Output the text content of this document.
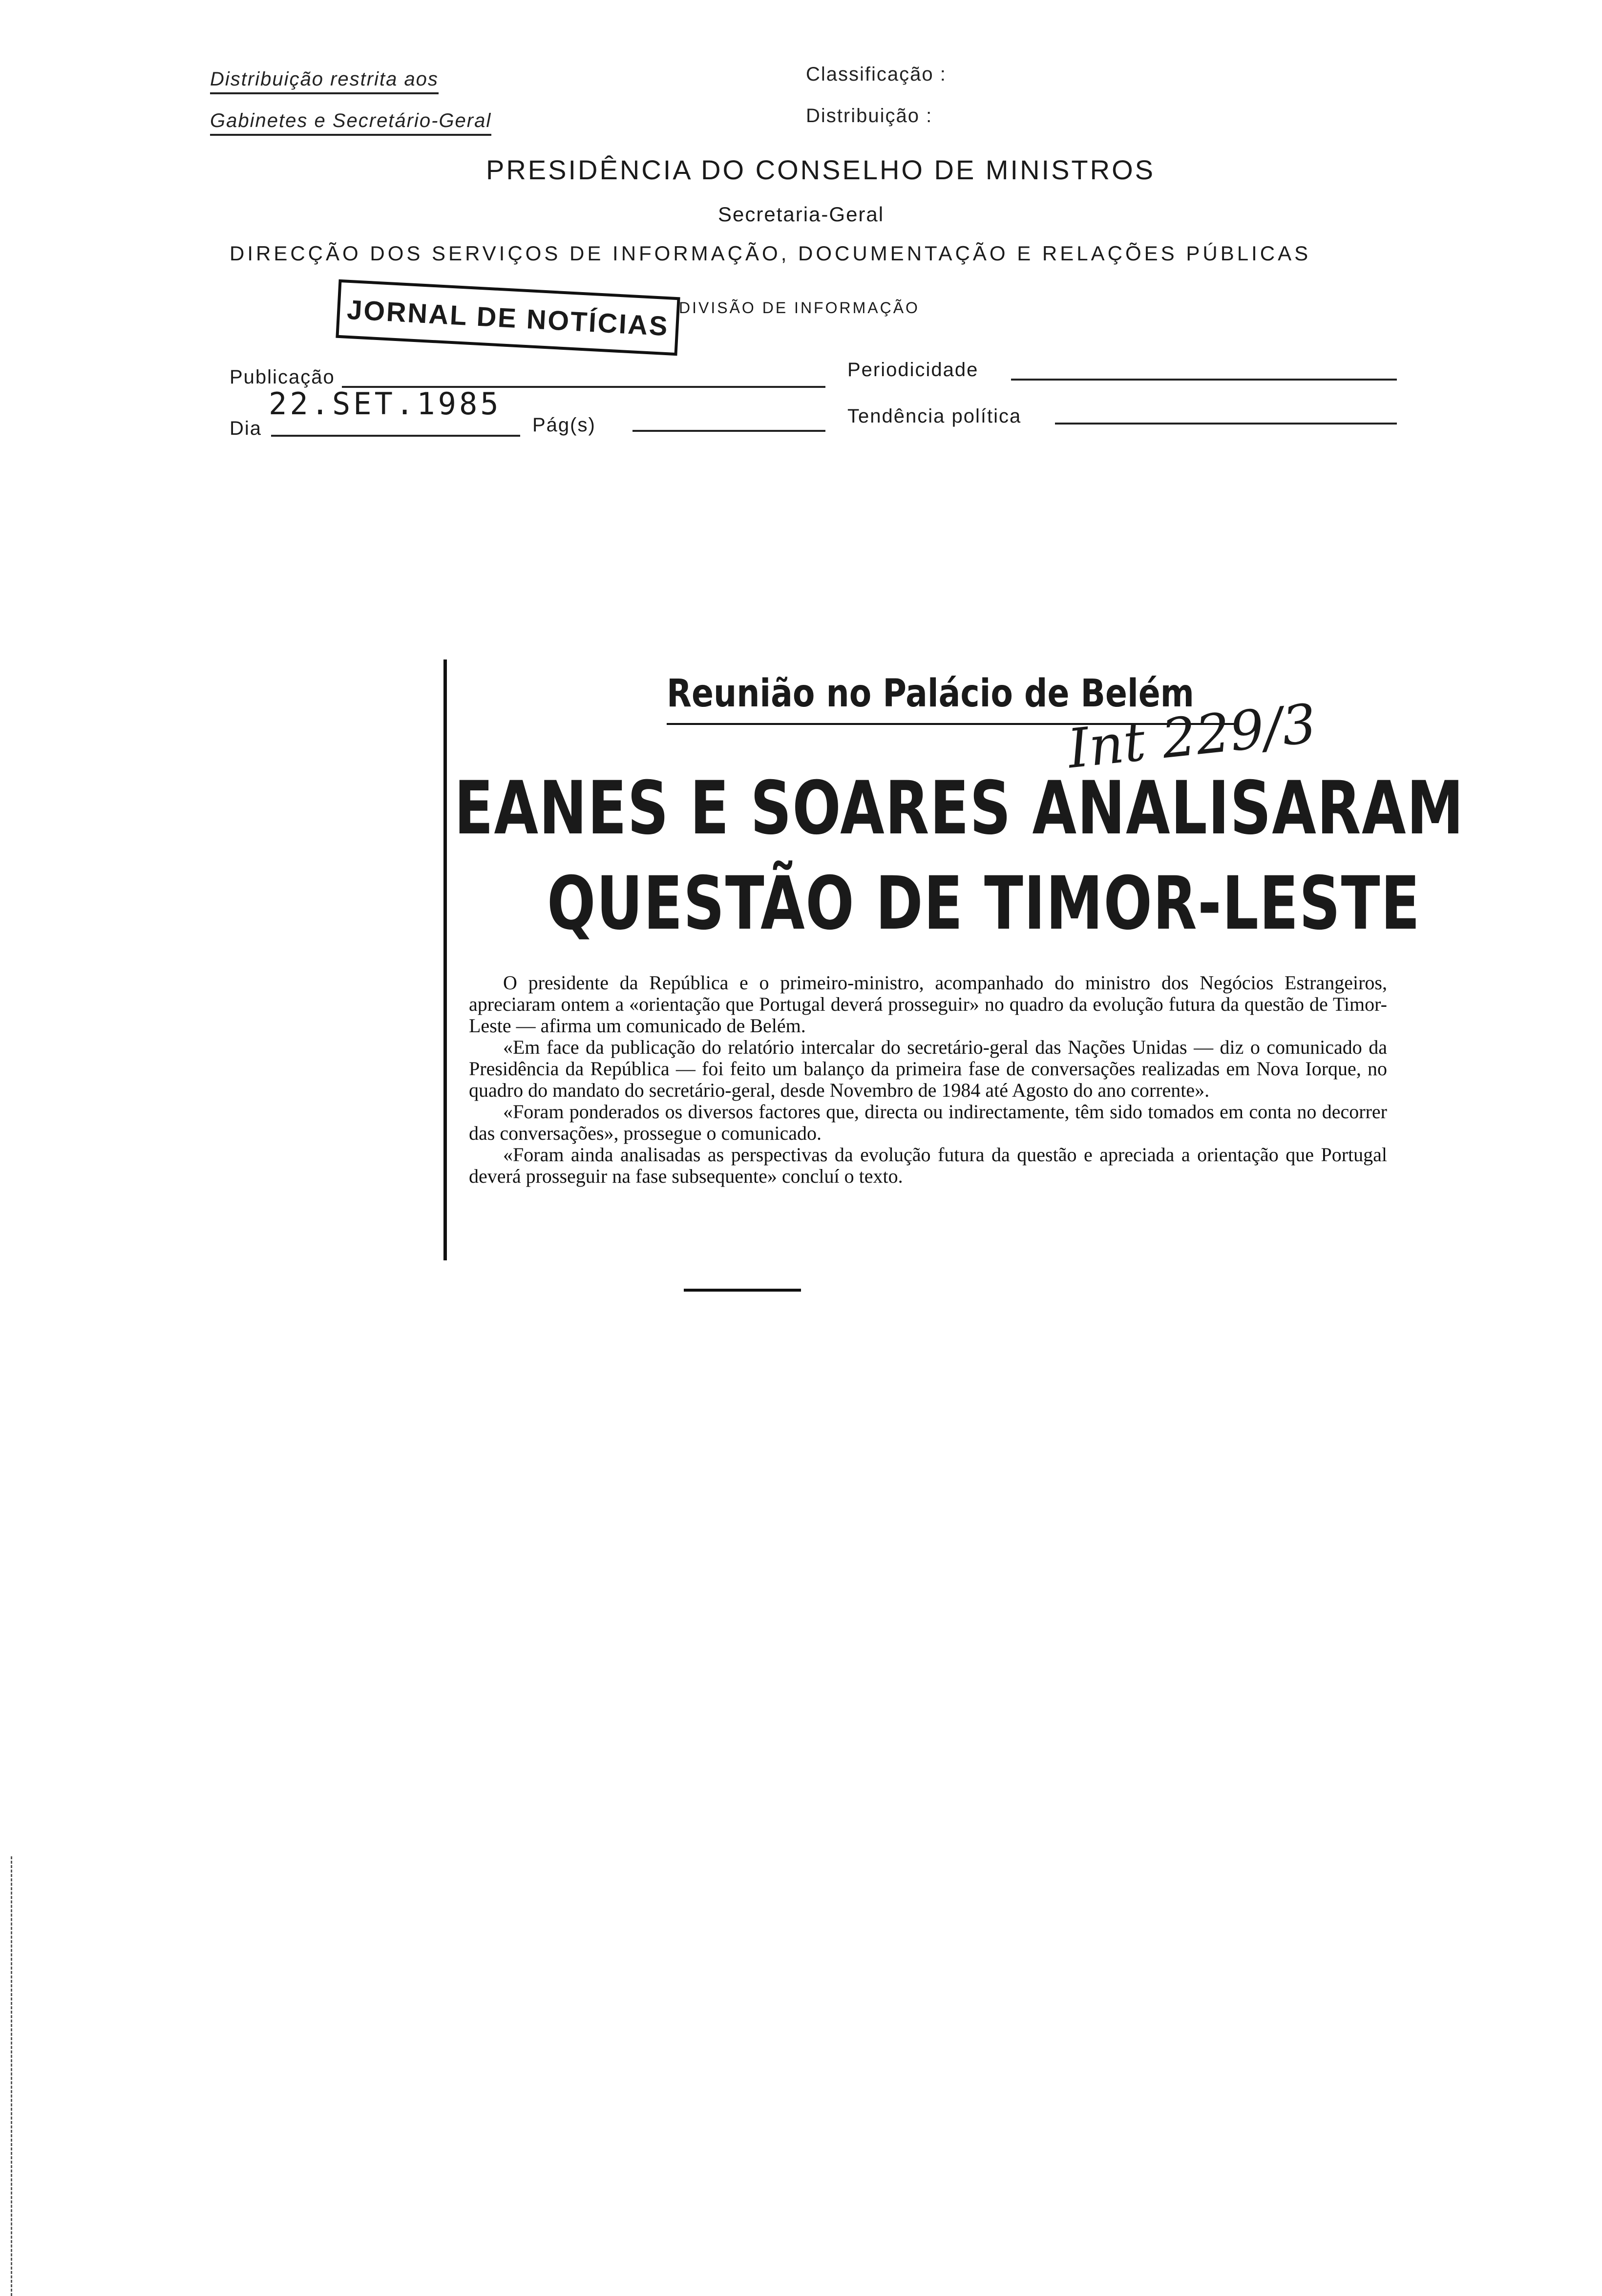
Distribuição restrita aos
Gabinetes e Secretário-Geral
Classificação :
Distribuição :
PRESIDÊNCIA DO CONSELHO DE MINISTROS
Secretaria-Geral
DIRECÇÃO DOS SERVIÇOS DE INFORMAÇÃO, DOCUMENTAÇÃO E RELAÇÕES PÚBLICAS
DIVISÃO DE INFORMAÇÃO
JORNAL DE NOTÍCIAS
Publicação	Periodicidade
Dia
22.SET.1985
Pág(s)	Tendência política
Reunião no Palácio de Belém
Int 229/3
EANES E SOARES ANALISARAM
QUESTÃO DE TIMOR-LESTE

O presidente da República e o primeiro-ministro, acompanhado do ministro dos Negócios Estrangeiros, apreciaram ontem a «orientação que Portugal deverá prosseguir» no quadro da evolução futura da questão de Timor-Leste — afirma um comunicado de Belém.

«Em face da publicação do relatório intercalar do secretário-geral das Nações Unidas — diz o comunicado da Presidência da República — foi feito um balanço da primeira fase de conversações realizadas em Nova Iorque, no quadro do mandato do secretário-geral, desde Novembro de 1984 até Agosto do ano corrente».

«Foram ponderados os diversos factores que, directa ou indirectamente, têm sido tomados em conta no decorrer das conversações», prossegue o comunicado.

«Foram ainda analisadas as perspectivas da evolução futura da questão e apreciada a orientação que Portugal deverá prosseguir na fase subsequente» concluí o texto.
